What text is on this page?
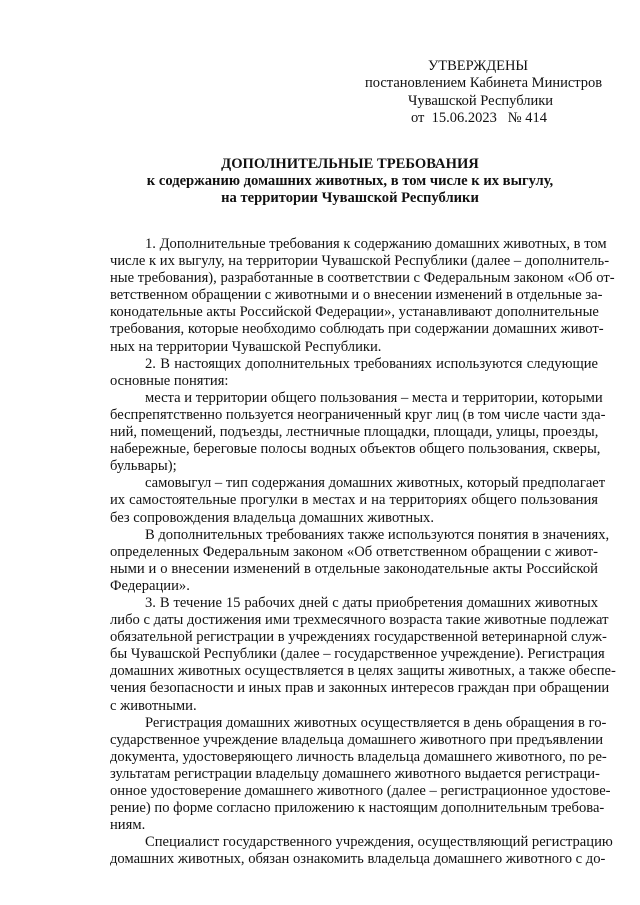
УТВЕРЖДЕНЫ
постановлением Кабинета Министров
Чувашской Республики
от  15.06.2023   № 414
ДОПОЛНИТЕЛЬНЫЕ ТРЕБОВАНИЯ
к содержанию домашних животных, в том числе к их выгулу,
на территории Чувашской Республики
1. Дополнительные требования к содержанию домашних животных, в том
числе к их выгулу, на территории Чувашской Республики (далее – дополнитель-
ные требования), разработанные в соответствии с Федеральным законом «Об от-
ветственном обращении с животными и о внесении изменений в отдельные за-
конодательные акты Российской Федерации», устанавливают дополнительные
требования, которые необходимо соблюдать при содержании домашних живот-
ных на территории Чувашской Республики.
2. В настоящих дополнительных требованиях используются следующие
основные понятия:
места и территории общего пользования – места и территории, которыми
беспрепятственно пользуется неограниченный круг лиц (в том числе части зда-
ний, помещений, подъезды, лестничные площадки, площади, улицы, проезды,
набережные, береговые полосы водных объектов общего пользования, скверы,
бульвары);
самовыгул – тип содержания домашних животных, который предполагает
их самостоятельные прогулки в местах и на территориях общего пользования
без сопровождения владельца домашних животных.
В дополнительных требованиях также используются понятия в значениях,
определенных Федеральным законом «Об ответственном обращении с живот-
ными и о внесении изменений в отдельные законодательные акты Российской
Федерации».
3. В течение 15 рабочих дней с даты приобретения домашних животных
либо с даты достижения ими трехмесячного возраста такие животные подлежат
обязательной регистрации в учреждениях государственной ветеринарной служ-
бы Чувашской Республики (далее – государственное учреждение). Регистрация
домашних животных осуществляется в целях защиты животных, а также обеспе-
чения безопасности и иных прав и законных интересов граждан при обращении
с животными.
Регистрация домашних животных осуществляется в день обращения в го-
сударственное учреждение владельца домашнего животного при предъявлении
документа, удостоверяющего личность владельца домашнего животного, по ре-
зультатам регистрации владельцу домашнего животного выдается регистраци-
онное удостоверение домашнего животного (далее – регистрационное удостове-
рение) по форме согласно приложению к настоящим дополнительным требова-
ниям.
Специалист государственного учреждения, осуществляющий регистрацию
домашних животных, обязан ознакомить владельца домашнего животного с до-
